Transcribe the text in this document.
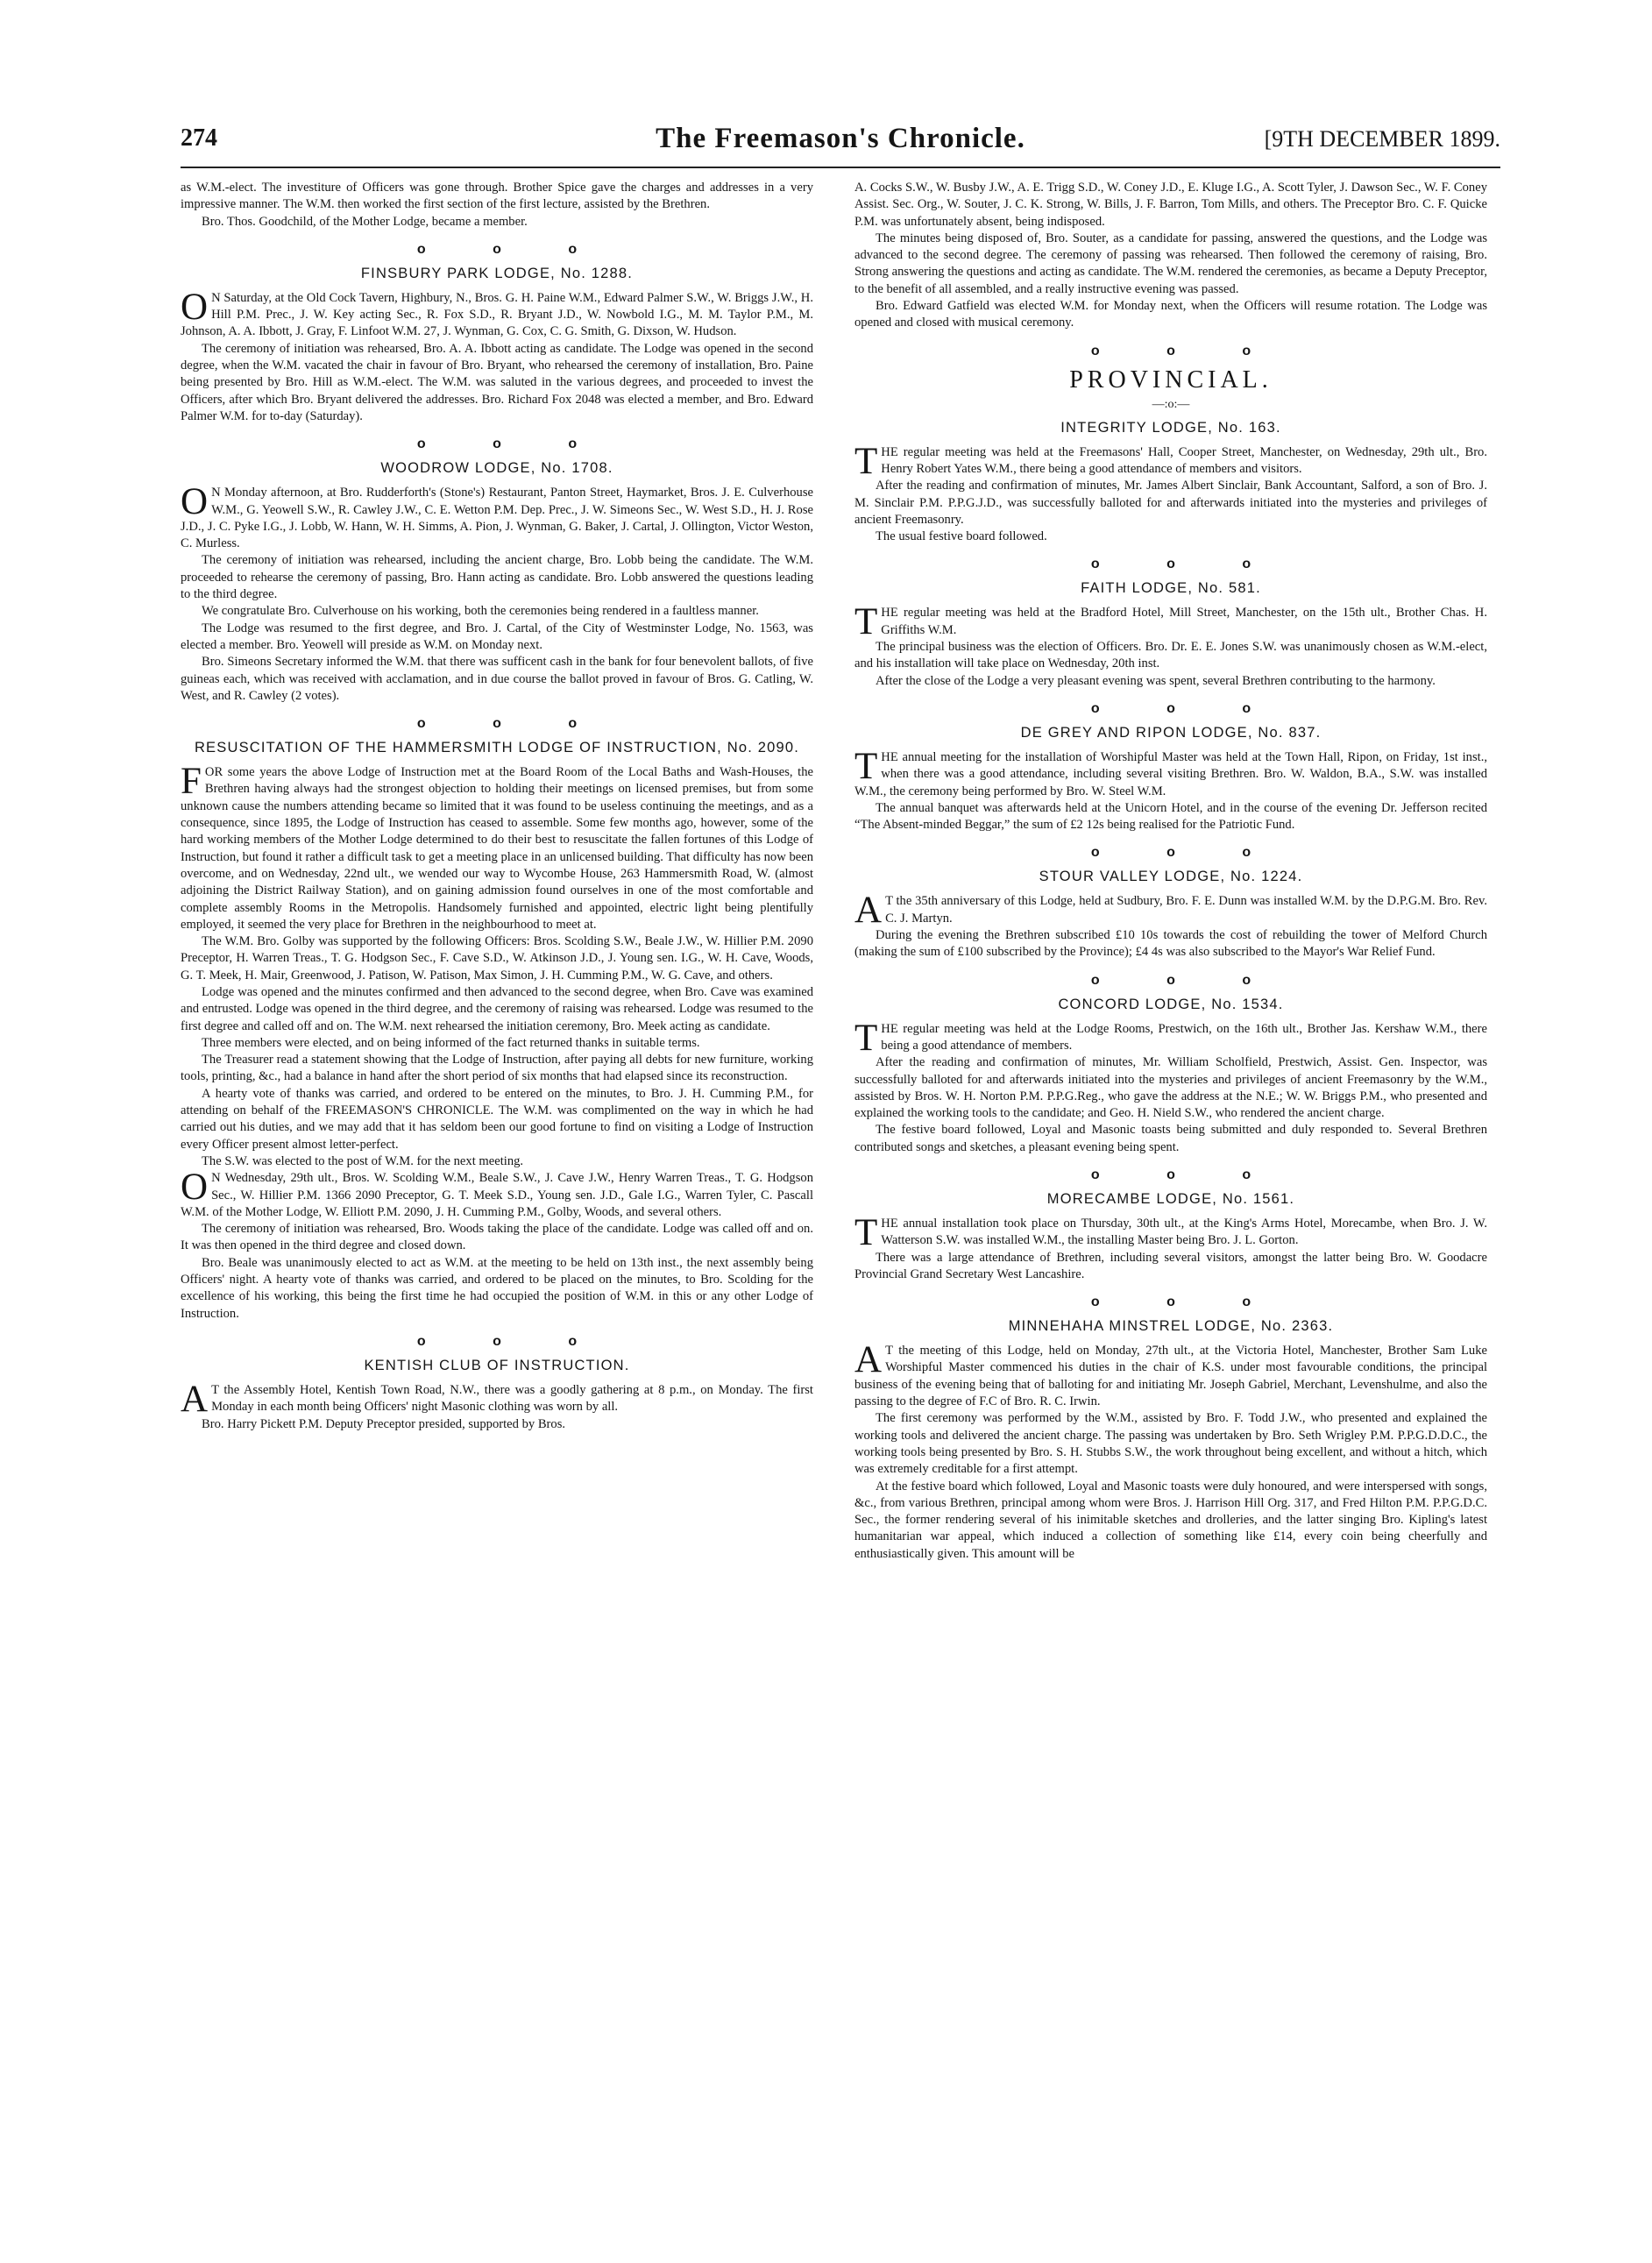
274	The Freemason's Chronicle.	[9TH DECEMBER 1899.

as W.M.-elect. The investiture of Officers was gone through. Brother Spice gave the charges and addresses in a very impressive manner. The W.M. then worked the first section of the first lecture, assisted by the Brethren.

Bro. Thos. Goodchild, of the Mother Lodge, became a member.

o o o
FINSBURY PARK LODGE, No. 1288.

ON Saturday, at the Old Cock Tavern, Highbury, N., Bros. G. H. Paine W.M., Edward Palmer S.W., W. Briggs J.W., H. Hill P.M. Prec., J. W. Key acting Sec., R. Fox S.D., R. Bryant J.D., W. Nowbold I.G., M. M. Taylor P.M., M. Johnson, A. A. Ibbott, J. Gray, F. Linfoot W.M. 27, J. Wynman, G. Cox, C. G. Smith, G. Dixson, W. Hudson.

The ceremony of initiation was rehearsed, Bro. A. A. Ibbott acting as candidate. The Lodge was opened in the second degree, when the W.M. vacated the chair in favour of Bro. Bryant, who rehearsed the ceremony of installation, Bro. Paine being presented by Bro. Hill as W.M.-elect. The W.M. was saluted in the various degrees, and proceeded to invest the Officers, after which Bro. Bryant delivered the addresses. Bro. Richard Fox 2048 was elected a member, and Bro. Edward Palmer W.M. for to-day (Saturday).

o o o
WOODROW LODGE, No. 1708.

ON Monday afternoon, at Bro. Rudderforth's (Stone's) Restaurant, Panton Street, Haymarket, Bros. J. E. Culverhouse W.M., G. Yeowell S.W., R. Cawley J.W., C. E. Wetton P.M. Dep. Prec., J. W. Simeons Sec., W. West S.D., H. J. Rose J.D., J. C. Pyke I.G., J. Lobb, W. Hann, W. H. Simms, A. Pion, J. Wynman, G. Baker, J. Cartal, J. Ollington, Victor Weston, C. Murless.

The ceremony of initiation was rehearsed, including the ancient charge, Bro. Lobb being the candidate. The W.M. proceeded to rehearse the ceremony of passing, Bro. Hann acting as candidate. Bro. Lobb answered the questions leading to the third degree.

We congratulate Bro. Culverhouse on his working, both the ceremonies being rendered in a faultless manner.

The Lodge was resumed to the first degree, and Bro. J. Cartal, of the City of Westminster Lodge, No. 1563, was elected a member. Bro. Yeowell will preside as W.M. on Monday next.

Bro. Simeons Secretary informed the W.M. that there was sufficent cash in the bank for four benevolent ballots, of five guineas each, which was received with acclamation, and in due course the ballot proved in favour of Bros. G. Catling, W. West, and R. Cawley (2 votes).

o o o
RESUSCITATION OF THE HAMMERSMITH LODGE OF INSTRUCTION, No. 2090.

FOR some years the above Lodge of Instruction met at the Board Room of the Local Baths and Wash-Houses, the Brethren having always had the strongest objection to holding their meetings on licensed premises, but from some unknown cause the numbers attending became so limited that it was found to be useless continuing the meetings, and as a consequence, since 1895, the Lodge of Instruction has ceased to assemble. Some few months ago, however, some of the hard working members of the Mother Lodge determined to do their best to resuscitate the fallen fortunes of this Lodge of Instruction, but found it rather a difficult task to get a meeting place in an unlicensed building. That difficulty has now been overcome, and on Wednesday, 22nd ult., we wended our way to Wycombe House, 263 Hammersmith Road, W. (almost adjoining the District Railway Station), and on gaining admission found ourselves in one of the most comfortable and complete assembly Rooms in the Metropolis. Handsomely furnished and appointed, electric light being plentifully employed, it seemed the very place for Brethren in the neighbourhood to meet at.

The W.M. Bro. Golby was supported by the following Officers: Bros. Scolding S.W., Beale J.W., W. Hillier P.M. 2090 Preceptor, H. Warren Treas., T. G. Hodgson Sec., F. Cave S.D., W. Atkinson J.D., J. Young sen. I.G., W. H. Cave, Woods, G. T. Meek, H. Mair, Greenwood, J. Patison, W. Patison, Max Simon, J. H. Cumming P.M., W. G. Cave, and others.

Lodge was opened and the minutes confirmed and then advanced to the second degree, when Bro. Cave was examined and entrusted. Lodge was opened in the third degree, and the ceremony of raising was rehearsed. Lodge was resumed to the first degree and called off and on. The W.M. next rehearsed the initiation ceremony, Bro. Meek acting as candidate.

Three members were elected, and on being informed of the fact returned thanks in suitable terms.

The Treasurer read a statement showing that the Lodge of Instruction, after paying all debts for new furniture, working tools, printing, &c., had a balance in hand after the short period of six months that had elapsed since its reconstruction.

A hearty vote of thanks was carried, and ordered to be entered on the minutes, to Bro. J. H. Cumming P.M., for attending on behalf of the FREEMASON'S CHRONICLE. The W.M. was complimented on the way in which he had carried out his duties, and we may add that it has seldom been our good fortune to find on visiting a Lodge of Instruction every Officer present almost letter-perfect.

The S.W. was elected to the post of W.M. for the next meeting.

ON Wednesday, 29th ult., Bros. W. Scolding W.M., Beale S.W., J. Cave J.W., Henry Warren Treas., T. G. Hodgson Sec., W. Hillier P.M. 1366 2090 Preceptor, G. T. Meek S.D., Young sen. J.D., Gale I.G., Warren Tyler, C. Pascall W.M. of the Mother Lodge, W. Elliott P.M. 2090, J. H. Cumming P.M., Golby, Woods, and several others.

The ceremony of initiation was rehearsed, Bro. Woods taking the place of the candidate. Lodge was called off and on. It was then opened in the third degree and closed down.

Bro. Beale was unanimously elected to act as W.M. at the meeting to be held on 13th inst., the next assembly being Officers' night. A hearty vote of thanks was carried, and ordered to be placed on the minutes, to Bro. Scolding for the excellence of his working, this being the first time he had occupied the position of W.M. in this or any other Lodge of Instruction.

o o o
KENTISH CLUB OF INSTRUCTION.

AT the Assembly Hotel, Kentish Town Road, N.W., there was a goodly gathering at 8 p.m., on Monday. The first Monday in each month being Officers' night Masonic clothing was worn by all.

Bro. Harry Pickett P.M. Deputy Preceptor presided, supported by Bros.

A. Cocks S.W., W. Busby J.W., A. E. Trigg S.D., W. Coney J.D., E. Kluge I.G., A. Scott Tyler, J. Dawson Sec., W. F. Coney Assist. Sec. Org., W. Souter, J. C. K. Strong, W. Bills, J. F. Barron, Tom Mills, and others. The Preceptor Bro. C. F. Quicke P.M. was unfortunately absent, being indisposed.

The minutes being disposed of, Bro. Souter, as a candidate for passing, answered the questions, and the Lodge was advanced to the second degree. The ceremony of passing was rehearsed. Then followed the ceremony of raising, Bro. Strong answering the questions and acting as candidate. The W.M. rendered the ceremonies, as became a Deputy Preceptor, to the benefit of all assembled, and a really instructive evening was passed.

Bro. Edward Gatfield was elected W.M. for Monday next, when the Officers will resume rotation. The Lodge was opened and closed with musical ceremony.

o o o
PROVINCIAL.
—:o:—
INTEGRITY LODGE, No. 163.

THE regular meeting was held at the Freemasons' Hall, Cooper Street, Manchester, on Wednesday, 29th ult., Bro. Henry Robert Yates W.M., there being a good attendance of members and visitors.

After the reading and confirmation of minutes, Mr. James Albert Sinclair, Bank Accountant, Salford, a son of Bro. J. M. Sinclair P.M. P.P.G.J.D., was successfully balloted for and afterwards initiated into the mysteries and privileges of ancient Freemasonry.

The usual festive board followed.

o o o
FAITH LODGE, No. 581.

THE regular meeting was held at the Bradford Hotel, Mill Street, Manchester, on the 15th ult., Brother Chas. H. Griffiths W.M.

The principal business was the election of Officers. Bro. Dr. E. E. Jones S.W. was unanimously chosen as W.M.-elect, and his installation will take place on Wednesday, 20th inst.

After the close of the Lodge a very pleasant evening was spent, several Brethren contributing to the harmony.

o o o
DE GREY AND RIPON LODGE, No. 837.

THE annual meeting for the installation of Worshipful Master was held at the Town Hall, Ripon, on Friday, 1st inst., when there was a good attendance, including several visiting Brethren. Bro. W. Waldon, B.A., S.W. was installed W.M., the ceremony being performed by Bro. W. Steel W.M.

The annual banquet was afterwards held at the Unicorn Hotel, and in the course of the evening Dr. Jefferson recited “The Absent-minded Beggar,” the sum of £2 12s being realised for the Patriotic Fund.

o o o
STOUR VALLEY LODGE, No. 1224.

AT the 35th anniversary of this Lodge, held at Sudbury, Bro. F. E. Dunn was installed W.M. by the D.P.G.M. Bro. Rev. C. J. Martyn.

During the evening the Brethren subscribed £10 10s towards the cost of rebuilding the tower of Melford Church (making the sum of £100 subscribed by the Province); £4 4s was also subscribed to the Mayor's War Relief Fund.

o o o
CONCORD LODGE, No. 1534.

THE regular meeting was held at the Lodge Rooms, Prestwich, on the 16th ult., Brother Jas. Kershaw W.M., there being a good attendance of members.

After the reading and confirmation of minutes, Mr. William Scholfield, Prestwich, Assist. Gen. Inspector, was successfully balloted for and afterwards initiated into the mysteries and privileges of ancient Freemasonry by the W.M., assisted by Bros. W. H. Norton P.M. P.P.G.Reg., who gave the address at the N.E.; W. W. Briggs P.M., who presented and explained the working tools to the candidate; and Geo. H. Nield S.W., who rendered the ancient charge.

The festive board followed, Loyal and Masonic toasts being submitted and duly responded to. Several Brethren contributed songs and sketches, a pleasant evening being spent.

o o o
MORECAMBE LODGE, No. 1561.

THE annual installation took place on Thursday, 30th ult., at the King's Arms Hotel, Morecambe, when Bro. J. W. Watterson S.W. was installed W.M., the installing Master being Bro. J. L. Gorton.

There was a large attendance of Brethren, including several visitors, amongst the latter being Bro. W. Goodacre Provincial Grand Secretary West Lancashire.

o o o
MINNEHAHA MINSTREL LODGE, No. 2363.

AT the meeting of this Lodge, held on Monday, 27th ult., at the Victoria Hotel, Manchester, Brother Sam Luke Worshipful Master commenced his duties in the chair of K.S. under most favourable conditions, the principal business of the evening being that of balloting for and initiating Mr. Joseph Gabriel, Merchant, Levenshulme, and also the passing to the degree of F.C of Bro. R. C. Irwin.

The first ceremony was performed by the W.M., assisted by Bro. F. Todd J.W., who presented and explained the working tools and delivered the ancient charge. The passing was undertaken by Bro. Seth Wrigley P.M. P.P.G.D.D.C., the working tools being presented by Bro. S. H. Stubbs S.W., the work throughout being excellent, and without a hitch, which was extremely creditable for a first attempt.

At the festive board which followed, Loyal and Masonic toasts were duly honoured, and were interspersed with songs, &c., from various Brethren, principal among whom were Bros. J. Harrison Hill Org. 317, and Fred Hilton P.M. P.P.G.D.C. Sec., the former rendering several of his inimitable sketches and drolleries, and the latter singing Bro. Kipling's latest humanitarian war appeal, which induced a collection of something like £14, every coin being cheerfully and enthusiastically given. This amount will be
